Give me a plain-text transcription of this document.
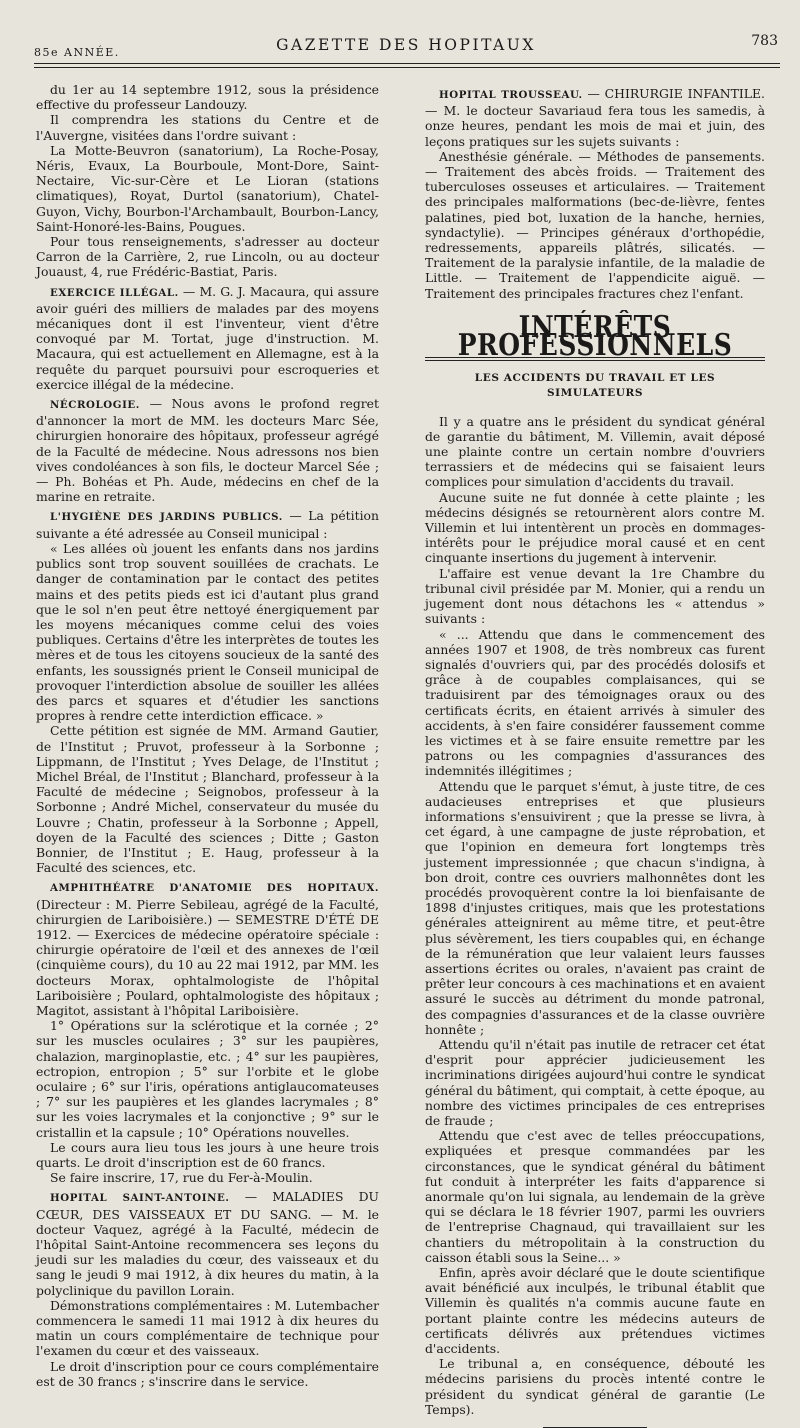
85e ANNÉE.	GAZETTE DES HOPITAUX	783

du 1er au 14 septembre 1912, sous la présidence effective du professeur Landouzy.

Il comprendra les stations du Centre et de l'Auvergne, visitées dans l'ordre suivant :

La Motte-Beuvron (sanatorium), La Roche-Posay, Néris, Evaux, La Bourboule, Mont-Dore, Saint-Nectaire, Vic-sur-Cère et Le Lioran (stations climatiques), Royat, Durtol (sanatorium), Chatel-Guyon, Vichy, Bourbon-l'Archambault, Bourbon-Lancy, Saint-Honoré-les-Bains, Pougues.

Pour tous renseignements, s'adresser au docteur Carron de la Carrière, 2, rue Lincoln, ou au docteur Jouaust, 4, rue Frédéric-Bastiat, Paris.

EXERCICE ILLÉGAL. — M. G. J. Macaura, qui assure avoir guéri des milliers de malades par des moyens mécaniques dont il est l'inventeur, vient d'être convoqué par M. Tortat, juge d'instruction. M. Macaura, qui est actuellement en Allemagne, est à la requête du parquet poursuivi pour escroqueries et exercice illégal de la médecine.

NÉCROLOGIE. — Nous avons le profond regret d'annoncer la mort de MM. les docteurs Marc Sée, chirurgien honoraire des hôpitaux, professeur agrégé de la Faculté de médecine. Nous adressons nos bien vives condoléances à son fils, le docteur Marcel Sée ; — Ph. Bohéas et Ph. Aude, médecins en chef de la marine en retraite.

L'HYGIÈNE DES JARDINS PUBLICS. — La pétition suivante a été adressée au Conseil municipal :

« Les allées où jouent les enfants dans nos jardins publics sont trop souvent souillées de crachats. Le danger de contamination par le contact des petites mains et des petits pieds est ici d'autant plus grand que le sol n'en peut être nettoyé énergiquement par les moyens mécaniques comme celui des voies publiques. Certains d'être les interprètes de toutes les mères et de tous les citoyens soucieux de la santé des enfants, les soussignés prient le Conseil municipal de provoquer l'interdiction absolue de souiller les allées des parcs et squares et d'étudier les sanctions propres à rendre cette interdiction efficace. »

Cette pétition est signée de MM. Armand Gautier, de l'Institut ; Pruvot, professeur à la Sorbonne ; Lippmann, de l'Institut ; Yves Delage, de l'Institut ; Michel Bréal, de l'Institut ; Blanchard, professeur à la Faculté de médecine ; Seignobos, professeur à la Sorbonne ; André Michel, conservateur du musée du Louvre ; Chatin, professeur à la Sorbonne ; Appell, doyen de la Faculté des sciences ; Ditte ; Gaston Bonnier, de l'Institut ; E. Haug, professeur à la Faculté des sciences, etc.

AMPHITHÉATRE D'ANATOMIE DES HOPITAUX. (Directeur : M. Pierre Sebileau, agrégé de la Faculté, chirurgien de Lariboisière.) — SEMESTRE D'ÉTÉ DE 1912. — Exercices de médecine opératoire spéciale : chirurgie opératoire de l'œil et des annexes de l'œil (cinquième cours), du 10 au 22 mai 1912, par MM. les docteurs Morax, ophtalmologiste de l'hôpital Lariboisière ; Poulard, ophtalmologiste des hôpitaux ; Magitot, assistant à l'hôpital Lariboisière.

1° Opérations sur la sclérotique et la cornée ; 2° sur les muscles oculaires ; 3° sur les paupières, chalazion, marginoplastie, etc. ; 4° sur les paupières, ectropion, entropion ; 5° sur l'orbite et le globe oculaire ; 6° sur l'iris, opérations antiglaucomateuses ; 7° sur les paupières et les glandes lacrymales ; 8° sur les voies lacrymales et la conjonctive ; 9° sur le cristallin et la capsule ; 10° Opérations nouvelles.

Le cours aura lieu tous les jours à une heure trois quarts. Le droit d'inscription est de 60 francs.

Se faire inscrire, 17, rue du Fer-à-Moulin.

HOPITAL SAINT-ANTOINE. — MALADIES DU CŒUR, DES VAISSEAUX ET DU SANG. — M. le docteur Vaquez, agrégé à la Faculté, médecin de l'hôpital Saint-Antoine recommencera ses leçons du jeudi sur les maladies du cœur, des vaisseaux et du sang le jeudi 9 mai 1912, à dix heures du matin, à la polyclinique du pavillon Lorain.

Démonstrations complémentaires : M. Lutembacher commencera le samedi 11 mai 1912 à dix heures du matin un cours complémentaire de technique pour l'examen du cœur et des vaisseaux.

Le droit d'inscription pour ce cours complémentaire est de 30 francs ; s'inscrire dans le service.

HOPITAL TROUSSEAU. — CHIRURGIE INFANTILE. — M. le docteur Savariaud fera tous les samedis, à onze heures, pendant les mois de mai et juin, des leçons pratiques sur les sujets suivants :

Anesthésie générale. — Méthodes de pansements. — Traitement des abcès froids. — Traitement des tuberculoses osseuses et articulaires. — Traitement des principales malformations (bec-de-lièvre, fentes palatines, pied bot, luxation de la hanche, hernies, syndactylie). — Principes généraux d'orthopédie, redressements, appareils plâtrés, silicatés. — Traitement de la paralysie infantile, de la maladie de Little. — Traitement de l'appendicite aiguë. — Traitement des principales fractures chez l'enfant.

INTÉRÊTS PROFESSIONNELS
LES ACCIDENTS DU TRAVAIL ET LES SIMULATEURS

Il y a quatre ans le président du syndicat général de garantie du bâtiment, M. Villemin, avait déposé une plainte contre un certain nombre d'ouvriers terrassiers et de médecins qui se faisaient leurs complices pour simulation d'accidents du travail.

Aucune suite ne fut donnée à cette plainte ; les médecins désignés se retournèrent alors contre M. Villemin et lui intentèrent un procès en dommages-intérêts pour le préjudice moral causé et en cent cinquante insertions du jugement à intervenir.

L'affaire est venue devant la 1re Chambre du tribunal civil présidée par M. Monier, qui a rendu un jugement dont nous détachons les « attendus » suivants :

« ... Attendu que dans le commencement des années 1907 et 1908, de très nombreux cas furent signalés d'ouvriers qui, par des procédés dolosifs et grâce à de coupables complaisances, qui se traduisirent par des témoignages oraux ou des certificats écrits, en étaient arrivés à simuler des accidents, à s'en faire considérer faussement comme les victimes et à se faire ensuite remettre par les patrons ou les compagnies d'assurances des indemnités illégitimes ;

Attendu que le parquet s'émut, à juste titre, de ces audacieuses entreprises et que plusieurs informations s'ensuivirent ; que la presse se livra, à cet égard, à une campagne de juste réprobation, et que l'opinion en demeura fort longtemps très justement impressionnée ; que chacun s'indigna, à bon droit, contre ces ouvriers malhonnêtes dont les procédés provoquèrent contre la loi bienfaisante de 1898 d'injustes critiques, mais que les protestations générales atteignirent au même titre, et peut-être plus sévèrement, les tiers coupables qui, en échange de la rémunération que leur valaient leurs fausses assertions écrites ou orales, n'avaient pas craint de prêter leur concours à ces machinations et en avaient assuré le succès au détriment du monde patronal, des compagnies d'assurances et de la classe ouvrière honnête ;

Attendu qu'il n'était pas inutile de retracer cet état d'esprit pour apprécier judicieusement les incriminations dirigées aujourd'hui contre le syndicat général du bâtiment, qui comptait, à cette époque, au nombre des victimes principales de ces entreprises de fraude ;

Attendu que c'est avec de telles préoccupations, expliquées et presque commandées par les circonstances, que le syndicat général du bâtiment fut conduit à interpréter les faits d'apparence si anormale qu'on lui signala, au lendemain de la grève qui se déclara le 18 février 1907, parmi les ouvriers de l'entreprise Chagnaud, qui travaillaient sur les chantiers du métropolitain à la construction du caisson établi sous la Seine... »

Enfin, après avoir déclaré que le doute scientifique avait bénéficié aux inculpés, le tribunal établit que Villemin ès qualités n'a commis aucune faute en portant plainte contre les médecins auteurs de certificats délivrés aux prétendues victimes d'accidents.

Le tribunal a, en conséquence, débouté les médecins parisiens du procès intenté contre le président du syndicat général de garantie (Le Temps).
